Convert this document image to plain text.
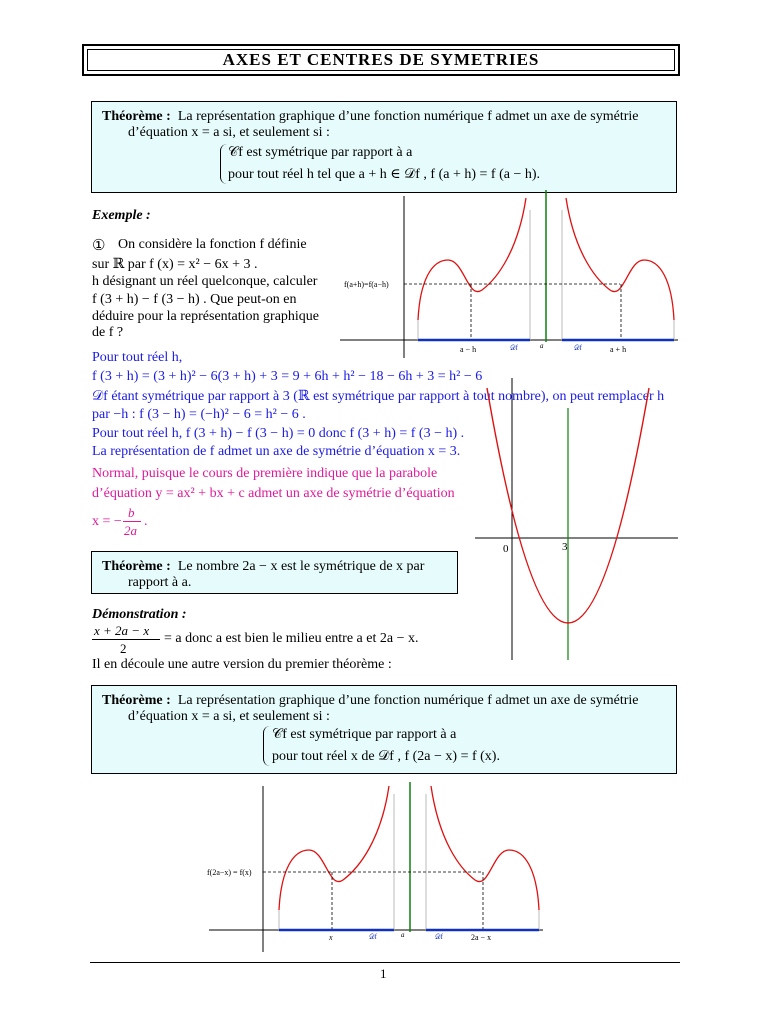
AXES ET CENTRES DE SYMETRIES
Théorème : La représentation graphique d’une fonction numérique f admet un axe de symétrie
d’équation x = a si, et seulement si :
𝒞f est symétrique par rapport à a
pour tout réel h tel que a + h ∈ 𝒟f , f (a + h) = f (a − h).
Exemple :
① On considère la fonction f définie
sur ℝ par f (x) = x² − 6x + 3 .
h désignant un réel quelconque, calculer
f (3 + h) − f (3 − h) . Que peut-on en
déduire pour la représentation graphique
de f ?
f(a+h)=f(a−h)
a − h	𝒟f	a	𝒟f	a + h
Pour tout réel h,
f (3 + h) = (3 + h)² − 6(3 + h) + 3 = 9 + 6h + h² − 18 − 6h + 3 = h² − 6
𝒟f étant symétrique par rapport à 3 (ℝ est symétrique par rapport à tout nombre), on peut remplacer h
par −h : f (3 − h) = (−h)² − 6 = h² − 6 .
Pour tout réel h, f (3 + h) − f (3 − h) = 0 donc f (3 + h) = f (3 − h) .
La représentation de f admet un axe de symétrie d’équation x = 3.
Normal, puisque le cours de première indique que la parabole
d’équation y = ax² + bx + c admet un axe de symétrie d’équation
x = −
b
2a
.
0	3
Théorème : Le nombre 2a − x est le symétrique de x par
rapport à a.
Démonstration :
x + 2a − x
2
= a donc a est bien le milieu entre a et 2a − x.
Il en découle une autre version du premier théorème :
Théorème : La représentation graphique d’une fonction numérique f admet un axe de symétrie
d’équation x = a si, et seulement si :
𝒞f est symétrique par rapport à a
pour tout réel x de 𝒟f , f (2a − x) = f (x).
f(2a−x) = f(x)
x	𝒟f	a	𝒟f	2a − x
1
